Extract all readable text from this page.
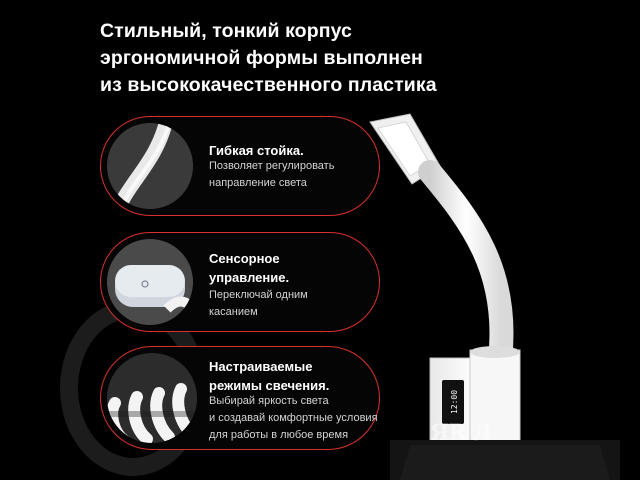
Стильный, тонкий корпус
эргономичной формы выполнен
из высококачественного пластика
Гибкая стойка.
Позволяет регулировать
направление света
Сенсорное
управление.
Переключай одним
касанием
Настраиваемые
режимы свечения.
Выбирай яркость света
и создавай комфортные условия
для работы в любое время
12:00
ЯR Л
